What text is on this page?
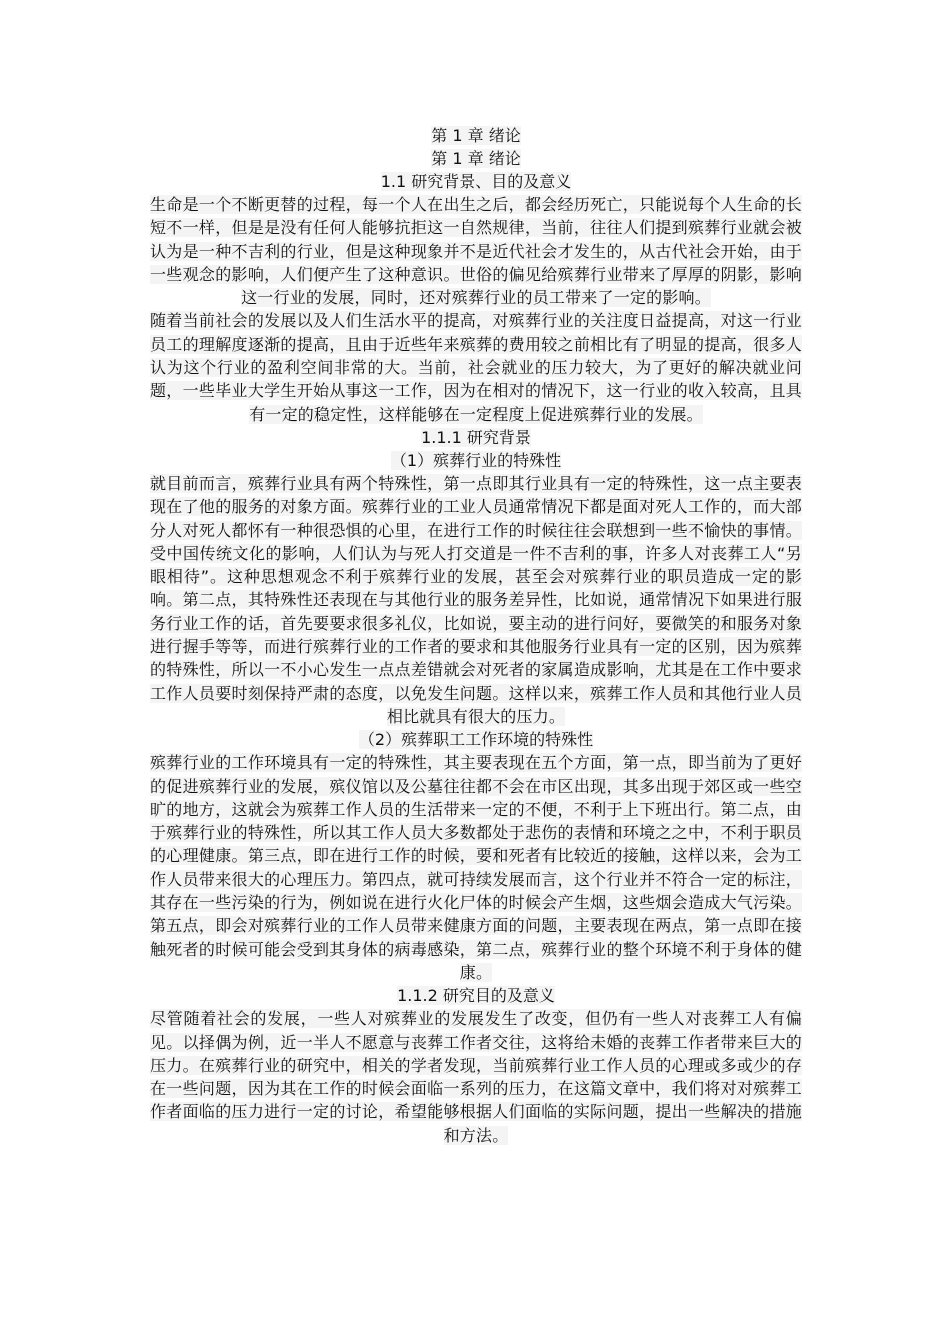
第 1 章 绪论

第 1 章 绪论

1.1 研究背景、目的及意义

生命是一个不断更替的过程，每一个人在出生之后，都会经历死亡，只能说每个人生命的长短不一样，但是是没有任何人能够抗拒这一自然规律，当前，往往人们提到殡葬行业就会被认为是一种不吉利的行业，但是这种现象并不是近代社会才发生的，从古代社会开始，由于一些观念的影响，人们便产生了这种意识。世俗的偏见给殡葬行业带来了厚厚的阴影，影响这一行业的发展，同时，还对殡葬行业的员工带来了一定的影响。

随着当前社会的发展以及人们生活水平的提高，对殡葬行业的关注度日益提高，对这一行业员工的理解度逐渐的提高，且由于近些年来殡葬的费用较之前相比有了明显的提高，很多人认为这个行业的盈利空间非常的大。当前，社会就业的压力较大，为了更好的解决就业问题，一些毕业大学生开始从事这一工作，因为在相对的情况下，这一行业的收入较高，且具有一定的稳定性，这样能够在一定程度上促进殡葬行业的发展。

1.1.1 研究背景

（1）殡葬行业的特殊性

就目前而言，殡葬行业具有两个特殊性，第一点即其行业具有一定的特殊性，这一点主要表现在了他的服务的对象方面。殡葬行业的工业人员通常情况下都是面对死人工作的，而大部分人对死人都怀有一种很恐惧的心里，在进行工作的时候往往会联想到一些不愉快的事情。受中国传统文化的影响，人们认为与死人打交道是一件不吉利的事，许多人对丧葬工人“另眼相待”。这种思想观念不利于殡葬行业的发展，甚至会对殡葬行业的职员造成一定的影响。第二点，其特殊性还表现在与其他行业的服务差异性，比如说，通常情况下如果进行服务行业工作的话，首先要要求很多礼仪，比如说，要主动的进行问好，要微笑的和服务对象进行握手等等，而进行殡葬行业的工作者的要求和其他服务行业具有一定的区别，因为殡葬的特殊性，所以一不小心发生一点点差错就会对死者的家属造成影响，尤其是在工作中要求工作人员要时刻保持严肃的态度，以免发生问题。这样以来，殡葬工作人员和其他行业人员相比就具有很大的压力。

（2）殡葬职工工作环境的特殊性

殡葬行业的工作环境具有一定的特殊性，其主要表现在五个方面，第一点，即当前为了更好的促进殡葬行业的发展，殡仪馆以及公墓往往都不会在市区出现，其多出现于郊区或一些空旷的地方，这就会为殡葬工作人员的生活带来一定的不便，不利于上下班出行。第二点，由于殡葬行业的特殊性，所以其工作人员大多数都处于悲伤的表情和环境之之中，不利于职员的心理健康。第三点，即在进行工作的时候，要和死者有比较近的接触，这样以来，会为工作人员带来很大的心理压力。第四点，就可持续发展而言，这个行业并不符合一定的标注，其存在一些污染的行为，例如说在进行火化尸体的时候会产生烟，这些烟会造成大气污染。第五点，即会对殡葬行业的工作人员带来健康方面的问题，主要表现在两点，第一点即在接触死者的时候可能会受到其身体的病毒感染，第二点，殡葬行业的整个环境不利于身体的健康。

1.1.2 研究目的及意义

尽管随着社会的发展，一些人对殡葬业的发展发生了改变，但仍有一些人对丧葬工人有偏见。以择偶为例，近一半人不愿意与丧葬工作者交往，这将给未婚的丧葬工作者带来巨大的压力。在殡葬行业的研究中，相关的学者发现，当前殡葬行业工作人员的心理或多或少的存在一些问题，因为其在工作的时候会面临一系列的压力，在这篇文章中，我们将对对殡葬工作者面临的压力进行一定的讨论，希望能够根据人们面临的实际问题，提出一些解决的措施和方法。
